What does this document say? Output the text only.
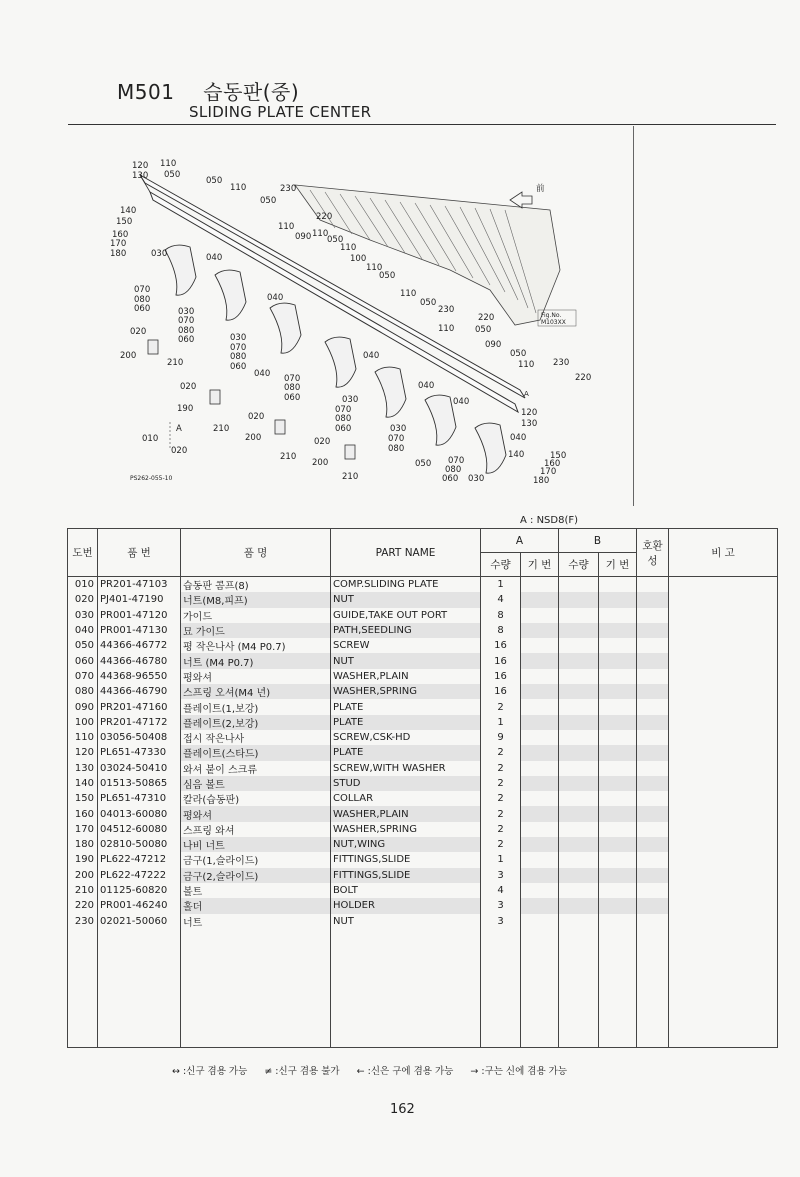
M501 습동판(중)
SLIDING PLATE CENTER
120 110
130 050
050
110	230
050
220
110
090 110
050
110
100
110
050
140
150
160
170
180	030	040
070
080
060
040
030
070
080
060
020
200
210
030
070
080
060
040
020
190
210
040
070
080
060
020
200
210
030
070
080
060
040
020
200
210
030
070
080
040
050 070
080
060 030
110
050
230
220
110 050
090
050
110 230
220
120
130
040
140	150
160
170
180
A
A
010
020
前
Fig.No.
M103XX
PS262-055-10
A : NSD8(F)
도번	품 번	품 명	PART NAME	A		B		호환성	비 고
				수량	기 번	수량	기 번		
010	PR201-47103	습동판 콤프(8)	COMP.SLIDING PLATE	1					
020	PJ401-47190	너트(M8,피프)	NUT	4					
030	PR001-47120	가이드	GUIDE,TAKE OUT PORT	8					
040	PR001-47130	묘 가이드	PATH,SEEDLING	8					
050	44366-46772	평 작은나사 (M4 P0.7)	SCREW	16					
060	44366-46780	너트 (M4 P0.7)	NUT	16					
070	44368-96550	평와셔	WASHER,PLAIN	16					
080	44366-46790	스프링 오셔(M4 년)	WASHER,SPRING	16					
090	PR201-47160	플레이트(1,보강)	PLATE	2					
100	PR201-47172	플레이트(2,보강)	PLATE	1					
110	03056-50408	접시 작은나사	SCREW,CSK-HD	9					
120	PL651-47330	플레이트(스타드)	PLATE	2					
130	03024-50410	와셔 붙이 스크류	SCREW,WITH WASHER	2					
140	01513-50865	심음 볼트	STUD	2					
150	PL651-47310	칼라(습동판)	COLLAR	2					
160	04013-60080	평와셔	WASHER,PLAIN	2					
170	04512-60080	스프링 와셔	WASHER,SPRING	2					
180	02810-50080	나비 너트	NUT,WING	2					
190	PL622-47212	금구(1,슬라이드)	FITTINGS,SLIDE	1					
200	PL622-47222	금구(2,슬라이드)	FITTINGS,SLIDE	3					
210	01125-60820	볼트	BOLT	4					
220	PR001-46240	홀더	HOLDER	3					
230	02021-50060	너트	NUT	3					

↔ :신구 겸용 가능 ≠ :신구 겸용 불가 ← :신은 구에 겸용 가능 → :구는 신에 겸용 가능
162
